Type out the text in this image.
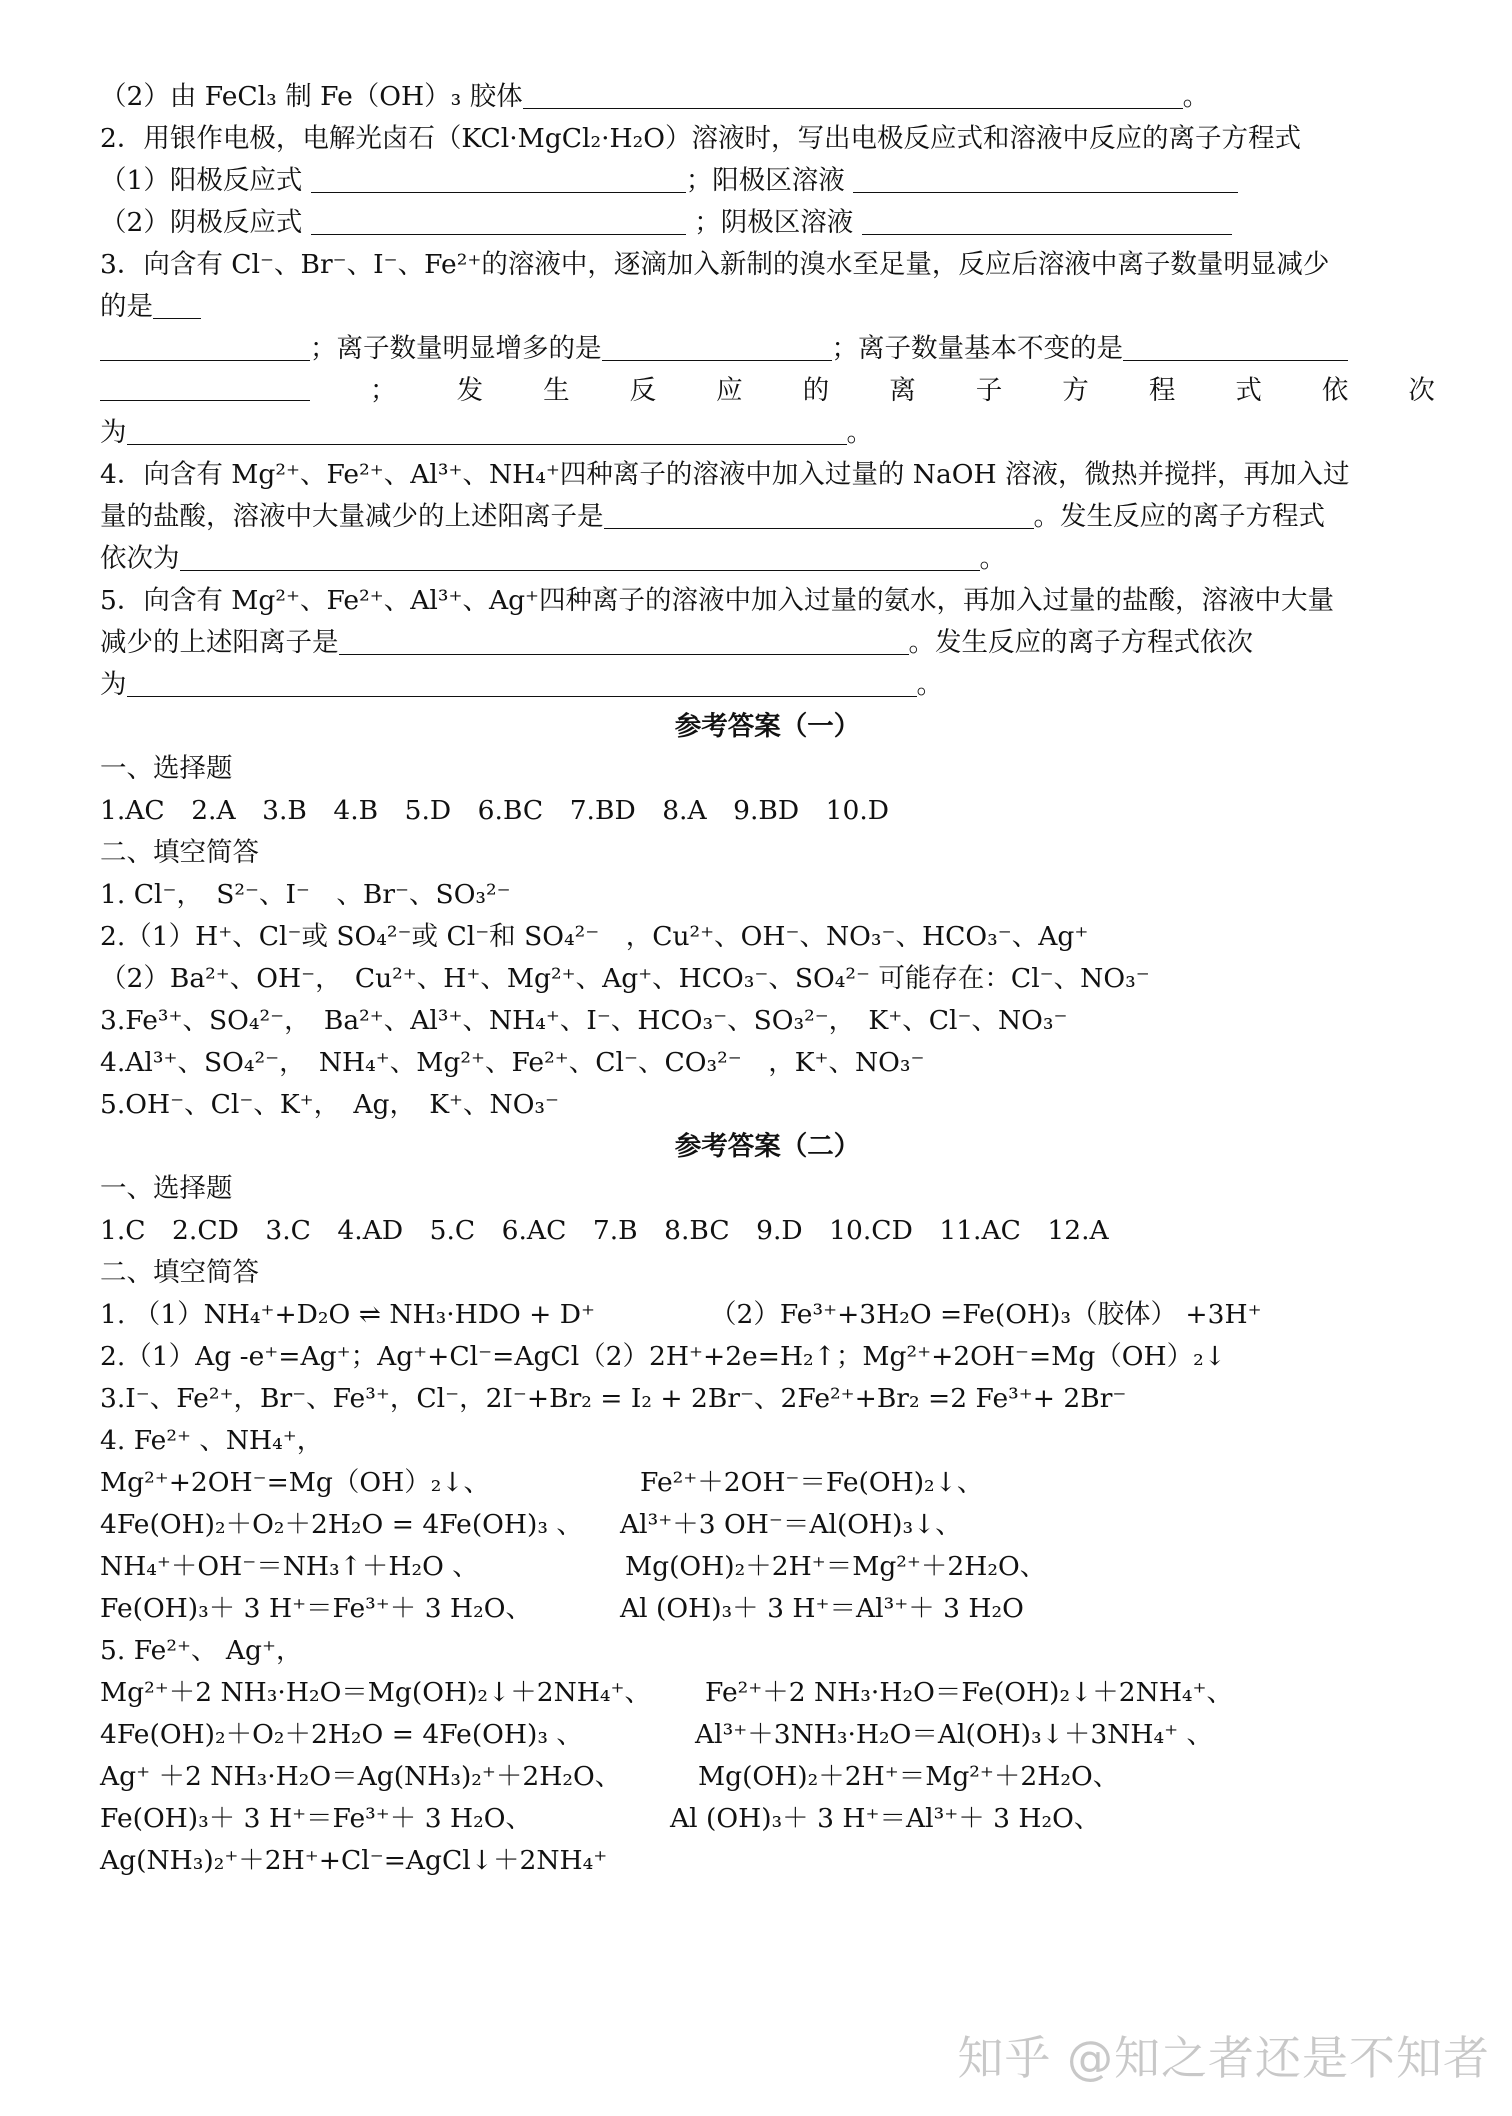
（2）由 FeCl₃ 制 Fe（OH）₃ 胶体	。
2．用银作电极，电解光卤石（KCl·MgCl₂·H₂O）溶液时，写出电极反应式和溶液中反应的离子方程式
（1）阳极反应式	；阳极区溶液
（2）阴极反应式	；阴极区溶液
3．向含有 Cl⁻、Br⁻、I⁻、Fe²⁺的溶液中，逐滴加入新制的溴水至足量，反应后溶液中离子数量明显减少
的是
；离子数量明显增多的是	；离子数量基本不变的是
； 发 生 反 应 的 离 子 方 程 式 依 次
为	。
4．向含有 Mg²⁺、Fe²⁺、Al³⁺、NH₄⁺四种离子的溶液中加入过量的 NaOH 溶液，微热并搅拌，再加入过
量的盐酸，溶液中大量减少的上述阳离子是	。发生反应的离子方程式
依次为	。
5．向含有 Mg²⁺、Fe²⁺、Al³⁺、Ag⁺四种离子的溶液中加入过量的氨水，再加入过量的盐酸，溶液中大量
减少的上述阳离子是	。发生反应的离子方程式依次
为	。
参考答案（一）
一、选择题
1.AC　2.A　3.B　4.B　5.D　6.BC　7.BD　8.A　9.BD　10.D
二、填空简答
1. Cl⁻，　S²⁻、I⁻　、Br⁻、SO₃²⁻
2.（1）H⁺、Cl⁻或 SO₄²⁻或 Cl⁻和 SO₄²⁻　，Cu²⁺、OH⁻、NO₃⁻、HCO₃⁻、Ag⁺
（2）Ba²⁺、OH⁻，　Cu²⁺、H⁺、Mg²⁺、Ag⁺、HCO₃⁻、SO₄²⁻ 可能存在：Cl⁻、NO₃⁻
3.Fe³⁺、SO₄²⁻，　Ba²⁺、Al³⁺、NH₄⁺、I⁻、HCO₃⁻、SO₃²⁻，　K⁺、Cl⁻、NO₃⁻
4.Al³⁺、SO₄²⁻，　NH₄⁺、Mg²⁺、Fe²⁺、Cl⁻、CO₃²⁻　，K⁺、NO₃⁻
5.OH⁻、Cl⁻、K⁺，　Ag，　K⁺、NO₃⁻
参考答案（二）
一、选择题
1.C　2.CD　3.C　4.AD　5.C　6.AC　7.B　8.BC　9.D　10.CD　11.AC　12.A
二、填空简答
1. （1）NH₄⁺+D₂O ⇌ NH₃·HDO + D⁺	（2）Fe³⁺+3H₂O =Fe(OH)₃（胶体） +3H⁺
2.（1）Ag -e⁺=Ag⁺；Ag⁺+Cl⁻=AgCl（2）2H⁺+2e=H₂↑；Mg²⁺+2OH⁻=Mg（OH）₂↓
3.I⁻、Fe²⁺，Br⁻、Fe³⁺，Cl⁻，2I⁻+Br₂ = I₂ + 2Br⁻、2Fe²⁺+Br₂ =2 Fe³⁺+ 2Br⁻
4. Fe²⁺ 、NH₄⁺，
Mg²⁺+2OH⁻=Mg（OH）₂↓、	Fe²⁺＋2OH⁻＝Fe(OH)₂↓、
4Fe(OH)₂＋O₂＋2H₂O = 4Fe(OH)₃ 、 Al³⁺＋3 OH⁻＝Al(OH)₃↓、
NH₄⁺＋OH⁻＝NH₃↑＋H₂O 、	Mg(OH)₂＋2H⁺＝Mg²⁺＋2H₂O、
Fe(OH)₃＋ 3 H⁺＝Fe³⁺＋ 3 H₂O、	Al (OH)₃＋ 3 H⁺＝Al³⁺＋ 3 H₂O
5. Fe²⁺、 Ag⁺，
Mg²⁺＋2 NH₃·H₂O＝Mg(OH)₂↓＋2NH₄⁺、 Fe²⁺＋2 NH₃·H₂O＝Fe(OH)₂↓＋2NH₄⁺、
4Fe(OH)₂＋O₂＋2H₂O = 4Fe(OH)₃ 、	Al³⁺＋3NH₃·H₂O＝Al(OH)₃↓＋3NH₄⁺ 、
Ag⁺ ＋2 NH₃·H₂O＝Ag(NH₃)₂⁺＋2H₂O、	Mg(OH)₂＋2H⁺＝Mg²⁺＋2H₂O、
Fe(OH)₃＋ 3 H⁺＝Fe³⁺＋ 3 H₂O、	Al (OH)₃＋ 3 H⁺＝Al³⁺＋ 3 H₂O、
Ag(NH₃)₂⁺＋2H⁺+Cl⁻=AgCl↓＋2NH₄⁺
知乎 @知之者还是不知者
